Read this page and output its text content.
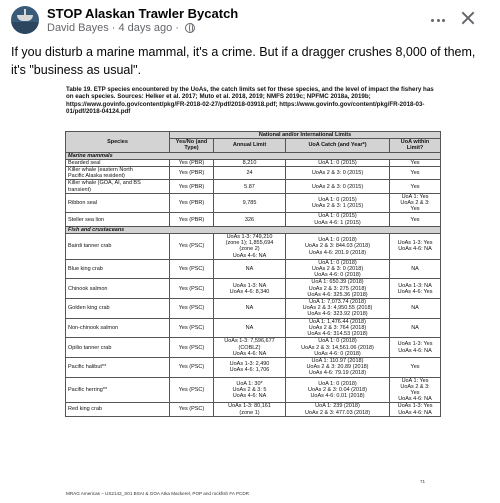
STOP Alaskan Trawler Bycatch
David Bayes · 4 days ago ·
If you disturb a marine mammal, it's a crime. But if a dragger crushes 8,000 of them, it's "business as usual".
Table 19. ETP species encountered by the UoAs, the catch limits set for these species, and the level of impact the fishery has on each species. Sources: Helker et al. 2017; Muto et al. 2018, 2019; NMFS 2019c; NPFMC 2018a, 2019b; https://www.govinfo.gov/content/pkg/FR-2018-02-27/pdf/2018-03918.pdf; https://www.govinfo.gov/content/pkg/FR-2018-03-01/pdf/2018-04124.pdf
Species	National and/or International Limits			
	Yes/No (and Type)	Annual Limit	UoA Catch (and Year*)	UoA within Limit?
Marine mammals				

Bearded seal	Yes (PBR)	8,210	UoA 1: 0 (2015)	Yes

Killer whale (eastern North
Pacific Alaska resident)	Yes (PBR)	24	UoAs 2 & 3: 0 (2015)	Yes

Killer whale (GOA, AI, and BS
transient)	Yes (PBR)	5.87	UoAs 2 & 3: 0 (2015)	Yes

Ribbon seal	Yes (PBR)	9,785	UoA 1: 0 (2015)
UoAs 2 & 3: 1 (2015)	UoA 1: Yes
UoAs 2 & 3:
Yes

Steller sea lion	Yes (PBR)	326	UoA 1: 0 (2015)
UoAs 4-6: 1 (2015)	Yes

Fish and crustaceans				

Bairdi tanner crab	Yes (PSC)	UoAs 1-3: 749,210
(zone 1); 1,855,694
(zone 2)
UoAs 4-6: NA	UoA 1: 0 (2018)
UoAs 2 & 3: 844.03 (2018)
UoAs 4-6: 201.9 (2018)	UoAs 1-3: Yes
UoAs 4-6: NA

Blue king crab	Yes (PSC)	NA	UoA 1: 0 (2018)
UoAs 2 & 3: 0 (2018)
UoAs 4-6: 0 (2018)	NA

Chinook salmon	Yes (PSC)	UoAs 1-3: NA
UoAs 4-6: 8,340	UoA 1: 650.39 (2018)
UoAs 2 & 3: 275 (2018)
UoAs 4-6: 325.36 (2018)	UoAs 1-3: NA
UoAs 4-6: Yes

Golden king crab	Yes (PSC)	NA	UoA 1: 7,073.74 (2018)
UoAs 2 & 3: 4,950.55 (2018)
UoAs 4-6: 323.92 (2018)	NA

Non-chinook salmon	Yes (PSC)	NA	UoA 1: 1,476.44 (2018)
UoAs 2 & 3: 764 (2018)
UoAs 4-6: 314.53 (2018)	NA

Opilio tanner crab	Yes (PSC)	UoAs 1-3: 7,596,677
(COBLZ)
UoAs 4-6: NA	UoA 1: 0 (2018)
UoAs 2 & 3: 14,561.06 (2018)
UoAs 4-6: 0 (2018)	UoAs 1-3: Yes
UoAs 4-6: NA

Pacific halibut**	Yes (PSC)	UoAs 1-3: 2,490
UoAs 4-6: 1,706	UoA 1: 110.97 (2018)
UoAs 2 & 3: 20.89 (2018)
UoAs 4-6: 79.19 (2018)	Yes

Pacific herring**	Yes (PSC)	UoA 1: 30*
UoAs 2 & 3: 5
UoAs 4-6: NA	UoA 1: 0 (2018)
UoAs 2 & 3: 0.04 (2018)
UoAs 4-6: 0.01 (2018)	UoA 1: Yes
UoAs 2 & 3:
Yes
UoAs 4-6: NA

Red king crab	Yes (PSC)	UoAs 1-3: 80,161
(zone 1)	UoA 1: 239 (2018)
UoAs 2 & 3: 477.03 (2018)	UoAs 1-3: Yes
UoAs 4-6: NA
71
MRAG Americas – US2142_S01 BSAI & GOA Atka Mackerel, POP and rockfish FA PCDR
